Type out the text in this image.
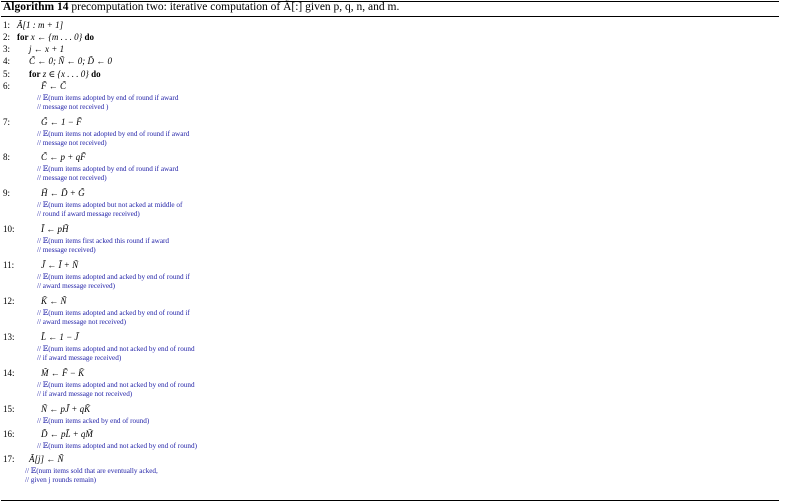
Algorithm 14 precomputation two: iterative computation of Ã[:] given p, q, n, and m.
1: Ã[1 : m + 1]
2: for x ← {m . . . 0} do
3: j ← x + 1
4: C̃ ← 0; Ñ ← 0; D̃ ← 0
5: for z ∈ {x . . . 0} do
6:	F̃ ← C̃
// 𝔼(num items adopted by end of round if award
// message not received )
7:	G̃ ← 1 − F̃
// 𝔼(num items not adopted by end of round if award
// message not received)
8:	C̃ ← p + qF̃
// 𝔼(num items adopted by end of round if award
// message not received)
9:	H̃ ← D̃ + G̃
// 𝔼(num items adopted but not acked at middle of
// round if award message received)
10:	Ĩ ← pH̃
// 𝔼(num items first acked this round if award
// message received)
11:	J̃ ← Ĩ + Ñ
// 𝔼(num items adopted and acked by end of round if
// award message received)
12:	K̃ ← Ñ
// 𝔼(num items adopted and acked by end of round if
// award message not received)
13:	L̃ ← 1 − J̃
// 𝔼(num items adopted and not acked by end of round
// if award message received)
14:	M̃ ← F̃ − K̃
// 𝔼(num items adopted and not acked by end of round
// if award message not received)
15:	Ñ ← pJ̃ + qK̃
// 𝔼(num items acked by end of round)
16:	D̃ ← pL̃ + qM̃
// 𝔼(num items adopted and not acked by end of round)
17: Ã[j] ← Ñ
// 𝔼(num items sold that are eventually acked,
// given j rounds remain)
